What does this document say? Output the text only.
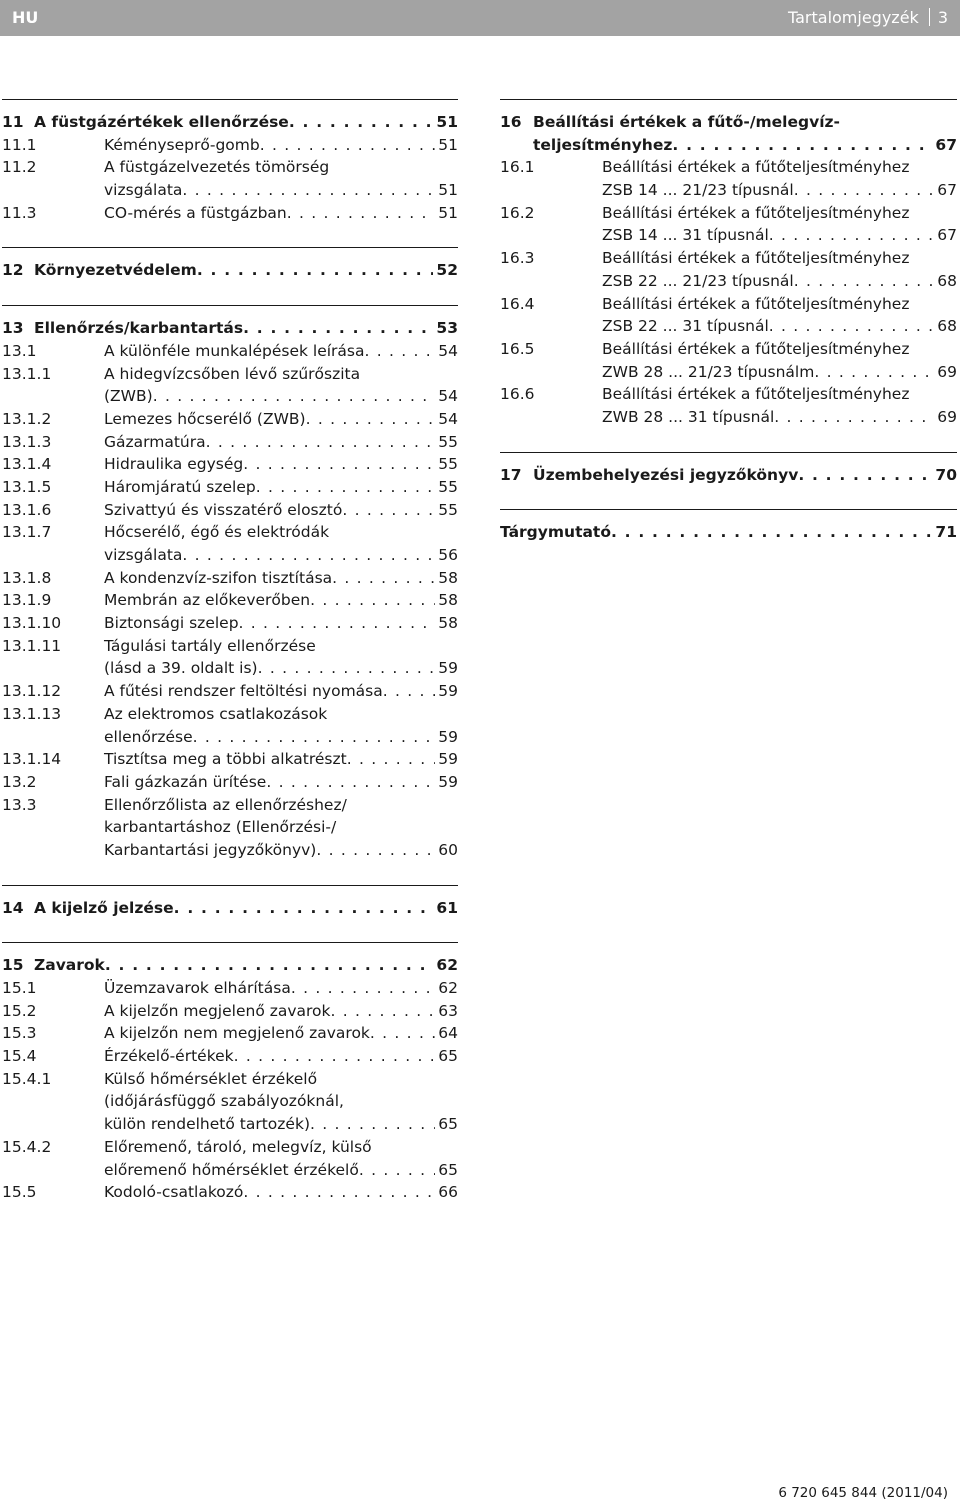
HU	Tartalomjegyzék 3
11 A füstgázértékek ellenőrzése . . .	51
11.1	Kéményseprő-gomb . . .	51
11.2	A füstgázelvezetés tömörség
vizsgálata . . .	51
11.3	CO-mérés a füstgázban . . .	51
12 Környezetvédelem . . .	52
13 Ellenőrzés/karbantartás . . .	53
13.1	A különféle munkalépések leírása . . .	54
13.1.1	A hidegvízcsőben lévő szűrőszita
(ZWB) . . .	54
13.1.2	Lemezes hőcserélő (ZWB) . . .	54
13.1.3	Gázarmatúra . . .	55
13.1.4	Hidraulika egység . . .	55
13.1.5	Háromjáratú szelep . . .	55
13.1.6	Szivattyú és visszatérő elosztó . . .	55
13.1.7	Hőcserélő, égő és elektródák
vizsgálata . . .	56
13.1.8	A kondenzvíz-szifon tisztítása . . .	58
13.1.9	Membrán az előkeverőben . . .	58
13.1.10	Biztonsági szelep . . .	58
13.1.11	Tágulási tartály ellenőrzése
(lásd a 39. oldalt is) . . .	59
13.1.12	A fűtési rendszer feltöltési nyomása . . .	59
13.1.13	Az elektromos csatlakozások
ellenőrzése . . .	59
13.1.14	Tisztítsa meg a többi alkatrészt . . .	59
13.2	Fali gázkazán ürítése . . .	59
13.3	Ellenőrzőlista az ellenőrzéshez/
karbantartáshoz (Ellenőrzési-/
Karbantartási jegyzőkönyv) . . .	60
14 A kijelző jelzése . . .	61
15 Zavarok . . .	62
15.1	Üzemzavarok elhárítása . . .	62
15.2	A kijelzőn megjelenő zavarok . . .	63
15.3	A kijelzőn nem megjelenő zavarok . . .	64
15.4	Érzékelő-értékek . . .	65
15.4.1	Külső hőmérséklet érzékelő
(időjárásfüggő szabályozóknál,
külön rendelhető tartozék) . . .	65
15.4.2	Előremenő, tároló, melegvíz, külső
előremenő hőmérséklet érzékelő . . .	65
15.5	Kodoló-csatlakozó . . .	66
16 Beállítási értékek a fűtő-/melegvíz-
teljesítményhez . . .	67
16.1	Beállítási értékek a fűtőteljesítményhez
ZSB 14 ... 21/23 típusnál . . .	67
16.2	Beállítási értékek a fűtőteljesítményhez
ZSB 14 ... 31 típusnál . . .	67
16.3	Beállítási értékek a fűtőteljesítményhez
ZSB 22 ... 21/23 típusnál . . .	68
16.4	Beállítási értékek a fűtőteljesítményhez
ZSB 22 ... 31 típusnál . . .	68
16.5	Beállítási értékek a fűtőteljesítményhez
ZWB 28 ... 21/23 típusnálm . . .	69
16.6	Beállítási értékek a fűtőteljesítményhez
ZWB 28 ... 31 típusnál . . .	69
17 Üzembehelyezési jegyzőkönyv . . .	70
Tárgymutató . . .	71
6 720 645 844 (2011/04)
